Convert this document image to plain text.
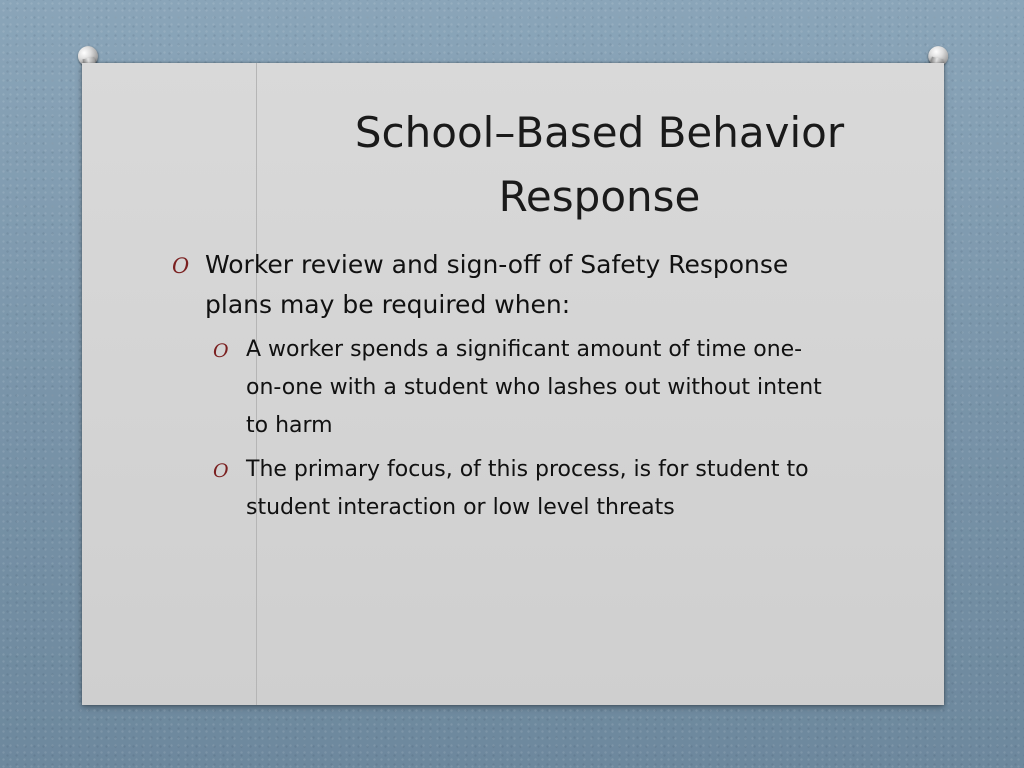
School–Based Behavior Response
O Worker review and sign-off of Safety Response plans may be required when:
O A worker spends a significant amount of time one-on-one with a student who lashes out without intent to harm
O The primary focus, of this process, is for student to student interaction or low level threats
